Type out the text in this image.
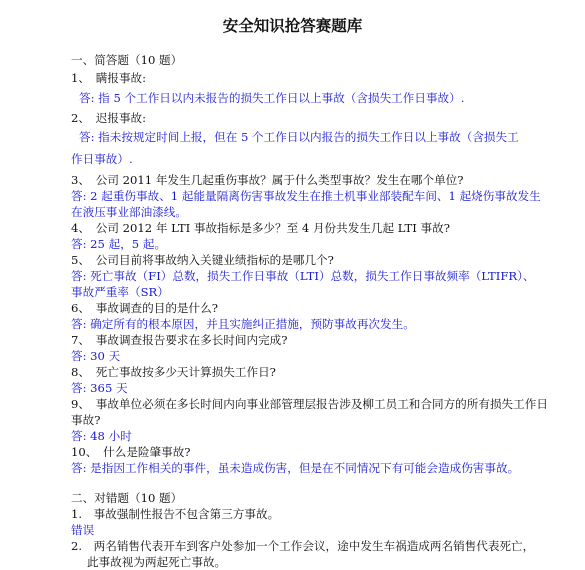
安全知识抢答赛题库
一、简答题（10 题）
1、　瞒报事故:
答: 指 5 个工作日以内未报告的损失工作日以上事故（含损失工作日事故）.
2、　迟报事故:
答: 指未按规定时间上报，但在 5 个工作日以内报告的损失工作日以上事故（含损失工
作日事故）.
3、　公司 2011 年发生几起重伤事故？属于什么类型事故？发生在哪个单位?
答: 2 起重伤事故、1 起能量隔离伤害事故发生在推土机事业部装配车间、1 起烧伤事故发生
在液压事业部油漆线。
4、　公司 2012 年 LTI 事故指标是多少？至 4 月份共发生几起 LTI 事故?
答: 25 起，5 起。
5、　公司目前将事故纳入关键业绩指标的是哪几个?
答: 死亡事故（FI）总数，损失工作日事故（LTI）总数，损失工作日事故频率（LTIFR）、
事故严重率（SR）
6、　事故调查的目的是什么?
答: 确定所有的根本原因，并且实施纠正措施，预防事故再次发生。
7、　事故调查报告要求在多长时间内完成?
答: 30 天
8、　死亡事故按多少天计算损失工作日?
答: 365 天
9、　事故单位必须在多长时间内向事业部管理层报告涉及柳工员工和合同方的所有损失工作日事故?
答: 48 小时
10、　什么是险肇事故?
答: 是指因工作相关的事件，虽未造成伤害，但是在不同情况下有可能会造成伤害事故。
二、对错题（10 题）
1.　事故强制性报告不包含第三方事故。
错误
2.　两名销售代表开车到客户处参加一个工作会议，途中发生车祸造成两名销售代表死亡，
此事故视为两起死亡事故。
